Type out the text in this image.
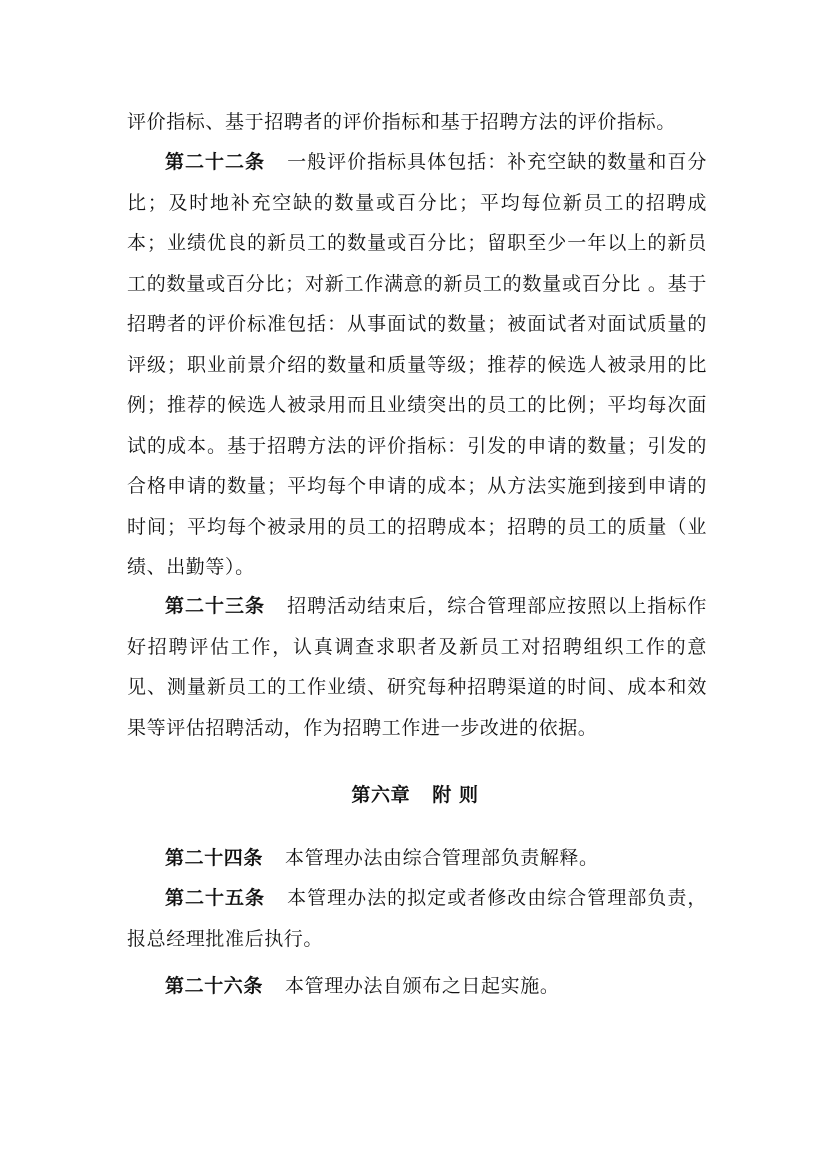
评价指标、基于招聘者的评价指标和基于招聘方法的评价指标。

第二十二条 一般评价指标具体包括：补充空缺的数量和百分比；及时地补充空缺的数量或百分比；平均每位新员工的招聘成本；业绩优良的新员工的数量或百分比；留职至少一年以上的新员工的数量或百分比；对新工作满意的新员工的数量或百分比 。基于招聘者的评价标准包括：从事面试的数量；被面试者对面试质量的评级；职业前景介绍的数量和质量等级；推荐的候选人被录用的比例；推荐的候选人被录用而且业绩突出的员工的比例；平均每次面试的成本。基于招聘方法的评价指标：引发的申请的数量；引发的合格申请的数量；平均每个申请的成本；从方法实施到接到申请的时间；平均每个被录用的员工的招聘成本；招聘的员工的质量（业绩、出勤等）。

第二十三条 招聘活动结束后，综合管理部应按照以上指标作好招聘评估工作，认真调查求职者及新员工对招聘组织工作的意见、测量新员工的工作业绩、研究每种招聘渠道的时间、成本和效果等评估招聘活动，作为招聘工作进一步改进的依据。

第六章 附 则

第二十四条 本管理办法由综合管理部负责解释。

第二十五条 本管理办法的拟定或者修改由综合管理部负责，报总经理批准后执行。

第二十六条 本管理办法自颁布之日起实施。
